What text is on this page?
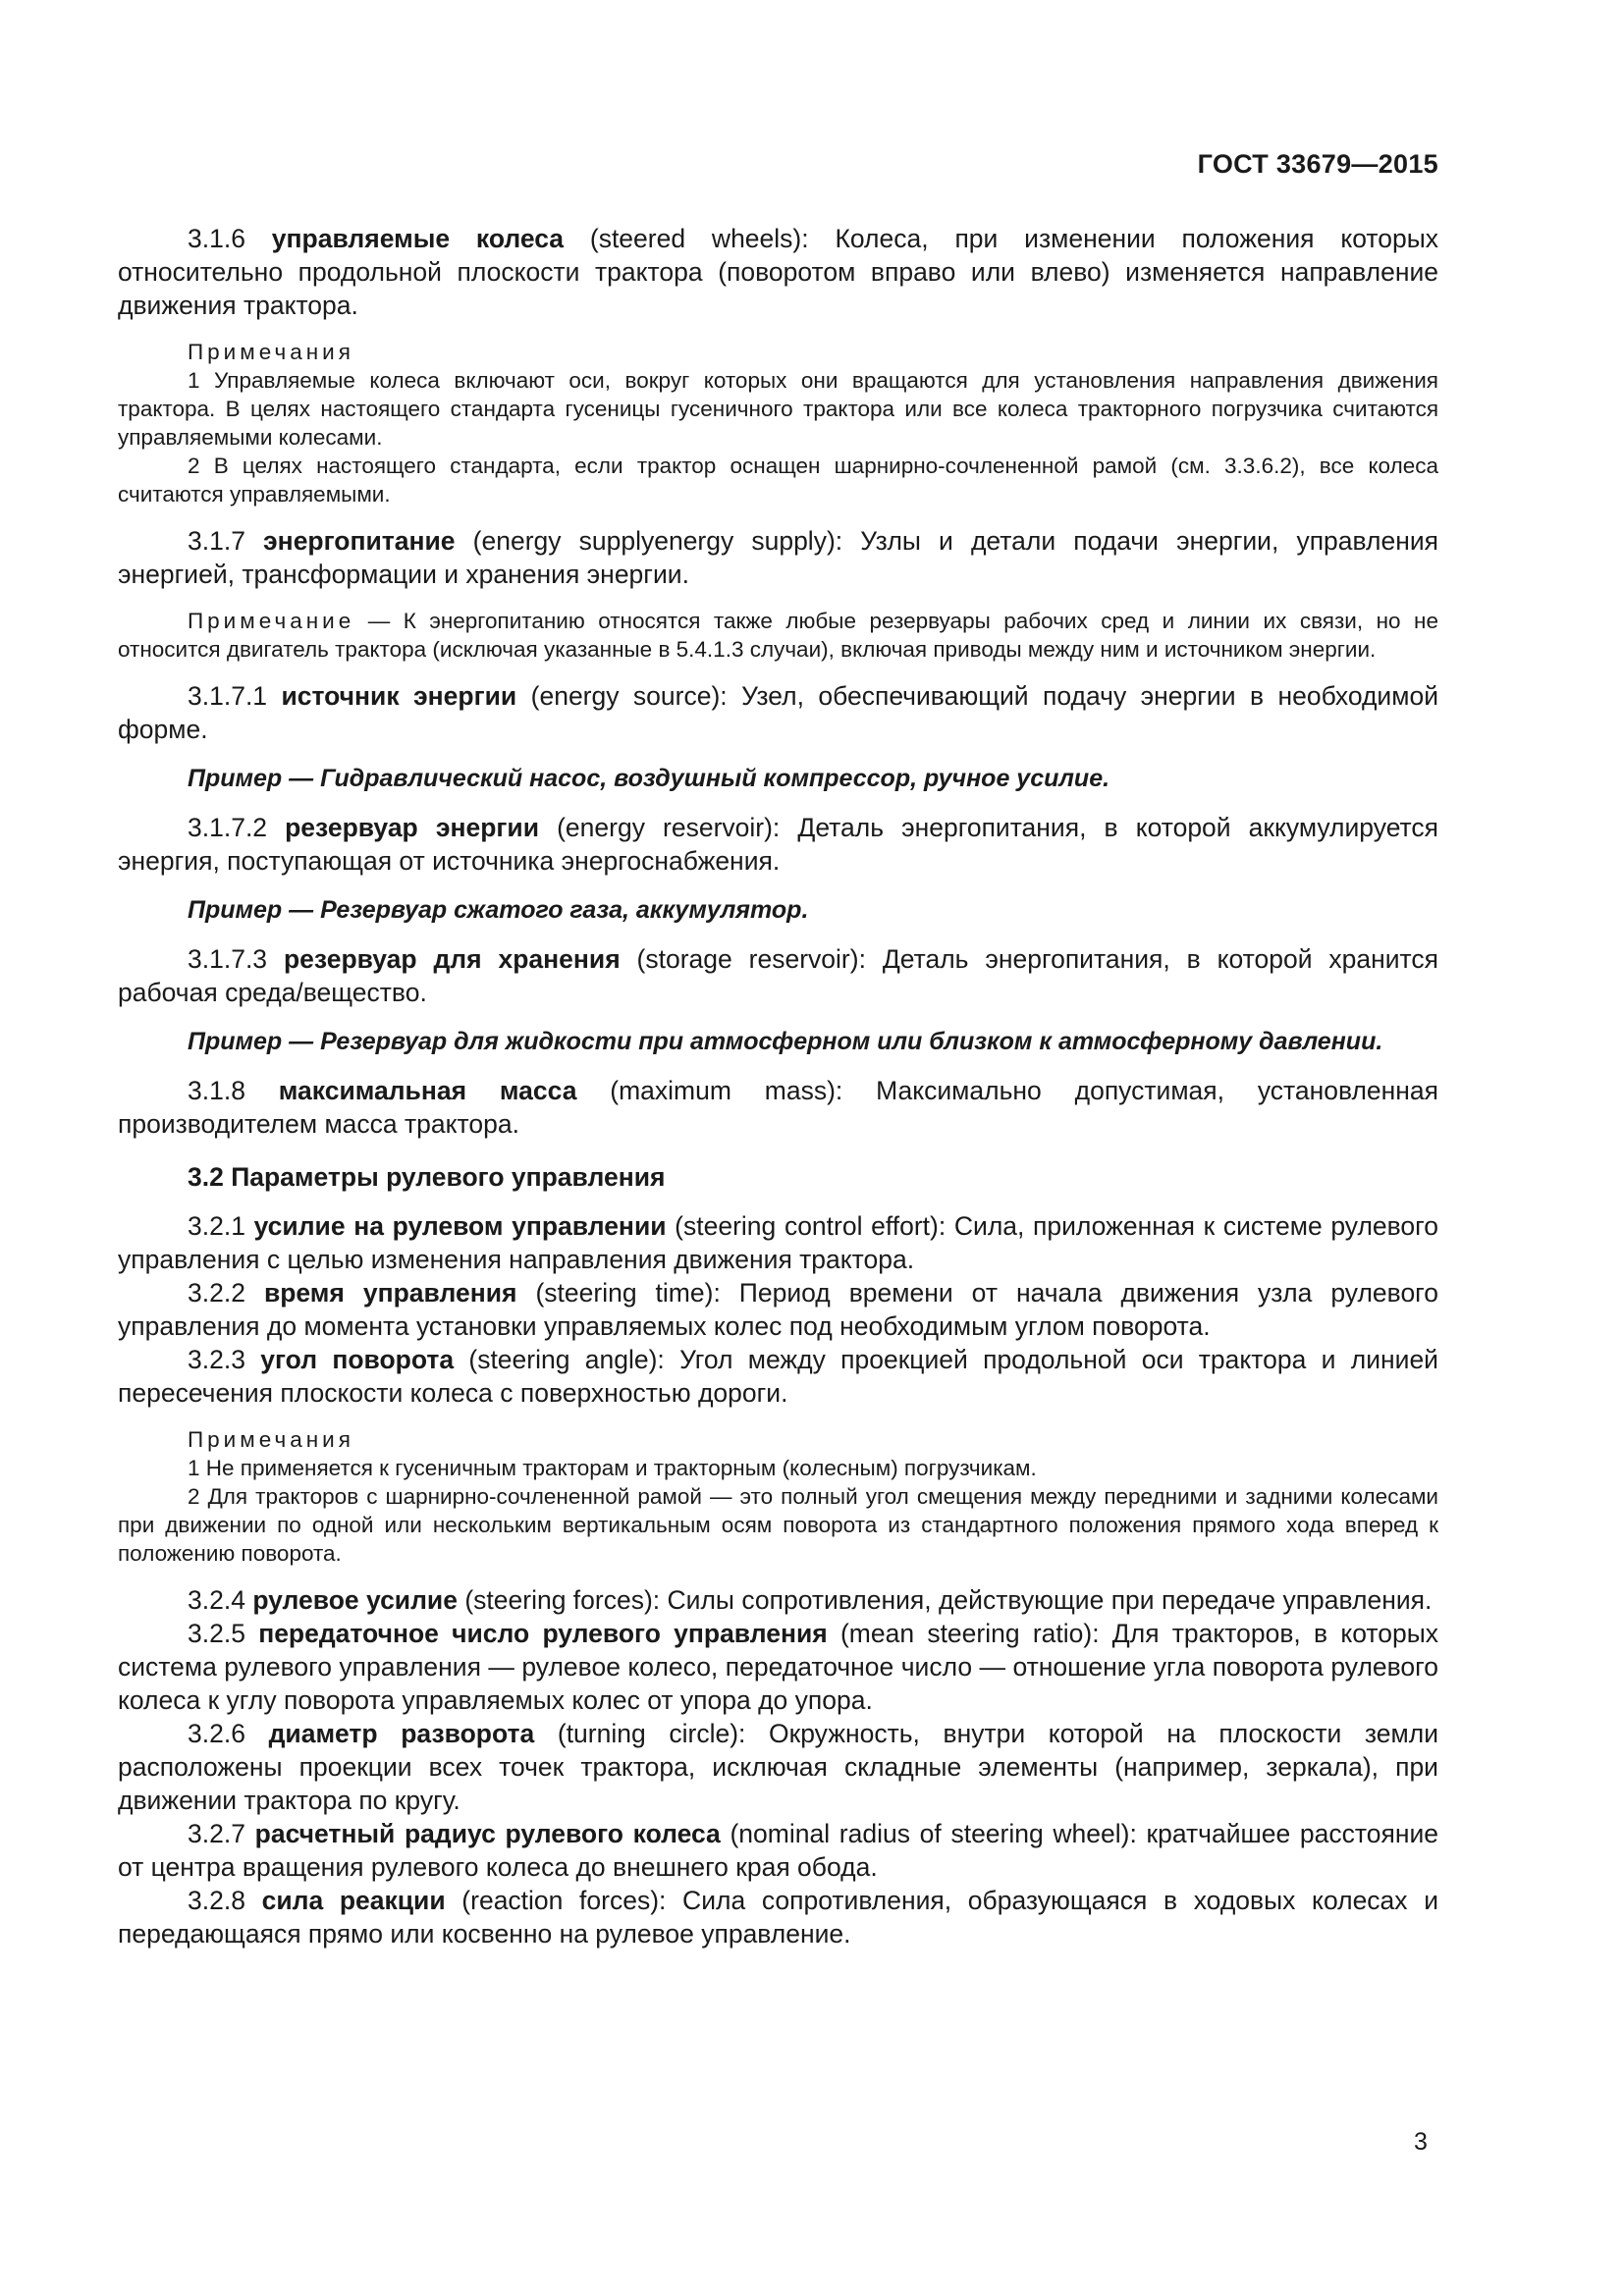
ГОСТ 33679—2015

3.1.6 управляемые колеса (steered wheels): Колеса, при изменении положения которых относительно продольной плоскости трактора (поворотом вправо или влево) изменяется направление движения трактора.

Примечания

1 Управляемые колеса включают оси, вокруг которых они вращаются для установления направления движения трактора. В целях настоящего стандарта гусеницы гусеничного трактора или все колеса тракторного погрузчика считаются управляемыми колесами.

2 В целях настоящего стандарта, если трактор оснащен шарнирно-сочлененной рамой (см. 3.3.6.2), все колеса считаются управляемыми.

3.1.7 энергопитание (energy supplyenergy supply): Узлы и детали подачи энергии, управления энергией, трансформации и хранения энергии.

Примечание — К энергопитанию относятся также любые резервуары рабочих сред и линии их связи, но не относится двигатель трактора (исключая указанные в 5.4.1.3 случаи), включая приводы между ним и источником энергии.

3.1.7.1 источник энергии (energy source): Узел, обеспечивающий подачу энергии в необходимой форме.

Пример — Гидравлический насос, воздушный компрессор, ручное усилие.

3.1.7.2 резервуар энергии (energy reservoir): Деталь энергопитания, в которой аккумулируется энергия, поступающая от источника энергоснабжения.

Пример — Резервуар сжатого газа, аккумулятор.

3.1.7.3 резервуар для хранения (storage reservoir): Деталь энергопитания, в которой хранится рабочая среда/вещество.

Пример — Резервуар для жидкости при атмосферном или близком к атмосферному давлении.

3.1.8 максимальная масса (maximum mass): Максимально допустимая, установленная производителем масса трактора.

3.2 Параметры рулевого управления

3.2.1 усилие на рулевом управлении (steering control effort): Сила, приложенная к системе рулевого управления с целью изменения направления движения трактора.

3.2.2 время управления (steering time): Период времени от начала движения узла рулевого управления до момента установки управляемых колес под необходимым углом поворота.

3.2.3 угол поворота (steering angle): Угол между проекцией продольной оси трактора и линией пересечения плоскости колеса с поверхностью дороги.

Примечания

1 Не применяется к гусеничным тракторам и тракторным (колесным) погрузчикам.

2 Для тракторов с шарнирно-сочлененной рамой — это полный угол смещения между передними и задними колесами при движении по одной или нескольким вертикальным осям поворота из стандартного положения прямого хода вперед к положению поворота.

3.2.4 рулевое усилие (steering forces): Силы сопротивления, действующие при передаче управления.

3.2.5 передаточное число рулевого управления (mean steering ratio): Для тракторов, в которых система рулевого управления — рулевое колесо, передаточное число — отношение угла поворота рулевого колеса к углу поворота управляемых колес от упора до упора.

3.2.6 диаметр разворота (turning circle): Окружность, внутри которой на плоскости земли расположены проекции всех точек трактора, исключая складные элементы (например, зеркала), при движении трактора по кругу.

3.2.7 расчетный радиус рулевого колеса (nominal radius of steering wheel): кратчайшее расстояние от центра вращения рулевого колеса до внешнего края обода.

3.2.8 сила реакции (reaction forces): Сила сопротивления, образующаяся в ходовых колесах и передающаяся прямо или косвенно на рулевое управление.

3
